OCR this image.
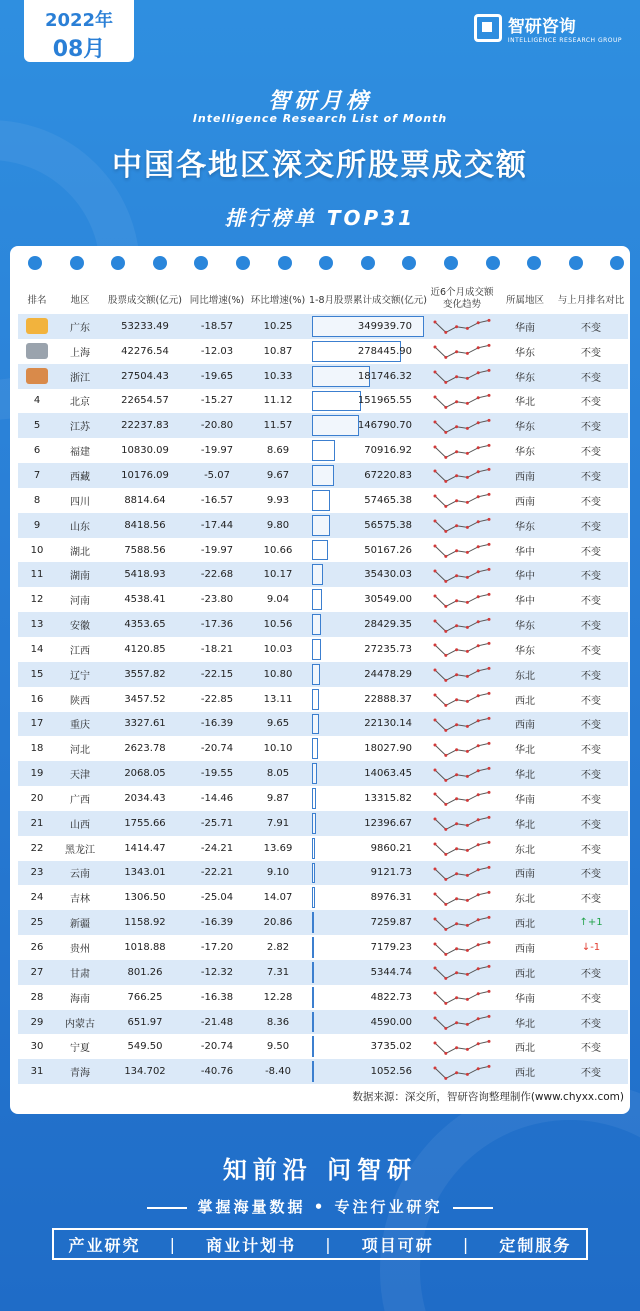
2022年
08月
智研咨询
INTELLIGENCE RESEARCH GROUP
智研月榜
Intelligence Research List of Month
中国各地区深交所股票成交额
排行榜单 TOP31
排名	地区	股票成交额(亿元)	同比增速(%)	环比增速(%)	1-8月股票累计成交额(亿元)	近6个月成交额变化趋势	所属地区	与上月排名对比

	广东	53233.49	-18.57	10.25	349939.70		华南	不变

	上海	42276.54	-12.03	10.87	278445.90		华东	不变

	浙江	27504.43	-19.65	10.33	181746.32		华东	不变
4	北京	22654.57	-15.27	11.12	151965.55		华北	不变
5	江苏	22237.83	-20.80	11.57	146790.70		华东	不变
6	福建	10830.09	-19.97	8.69	70916.92		华东	不变
7	西藏	10176.09	-5.07	9.67	67220.83		西南	不变
8	四川	8814.64	-16.57	9.93	57465.38		西南	不变
9	山东	8418.56	-17.44	9.80	56575.38		华东	不变
10	湖北	7588.56	-19.97	10.66	50167.26		华中	不变
11	湖南	5418.93	-22.68	10.17	35430.03		华中	不变
12	河南	4538.41	-23.80	9.04	30549.00		华中	不变
13	安徽	4353.65	-17.36	10.56	28429.35		华东	不变
14	江西	4120.85	-18.21	10.03	27235.73		华东	不变
15	辽宁	3557.82	-22.15	10.80	24478.29		东北	不变
16	陕西	3457.52	-22.85	13.11	22888.37		西北	不变
17	重庆	3327.61	-16.39	9.65	22130.14		西南	不变
18	河北	2623.78	-20.74	10.10	18027.90		华北	不变
19	天津	2068.05	-19.55	8.05	14063.45		华北	不变
20	广西	2034.43	-14.46	9.87	13315.82		华南	不变
21	山西	1755.66	-25.71	7.91	12396.67		华北	不变
22	黑龙江	1414.47	-24.21	13.69	9860.21		东北	不变
23	云南	1343.01	-22.21	9.10	9121.73		西南	不变
24	吉林	1306.50	-25.04	14.07	8976.31		东北	不变
25	新疆	1158.92	-16.39	20.86	7259.87		西北	↑+1
26	贵州	1018.88	-17.20	2.82	7179.23		西南	↓-1
27	甘肃	801.26	-12.32	7.31	5344.74		西北	不变
28	海南	766.25	-16.38	12.28	4822.73		华南	不变
29	内蒙古	651.97	-21.48	8.36	4590.00		华北	不变
30	宁夏	549.50	-20.74	9.50	3735.02		西北	不变
31	青海	134.702	-40.76	-8.40	1052.56		西北	不变
数据来源：深交所，智研咨询整理制作(www.chyxx.com)
知前沿 问智研
掌握海量数据 • 专注行业研究
产业研究 | 商业计划书 | 项目可研 | 定制服务
